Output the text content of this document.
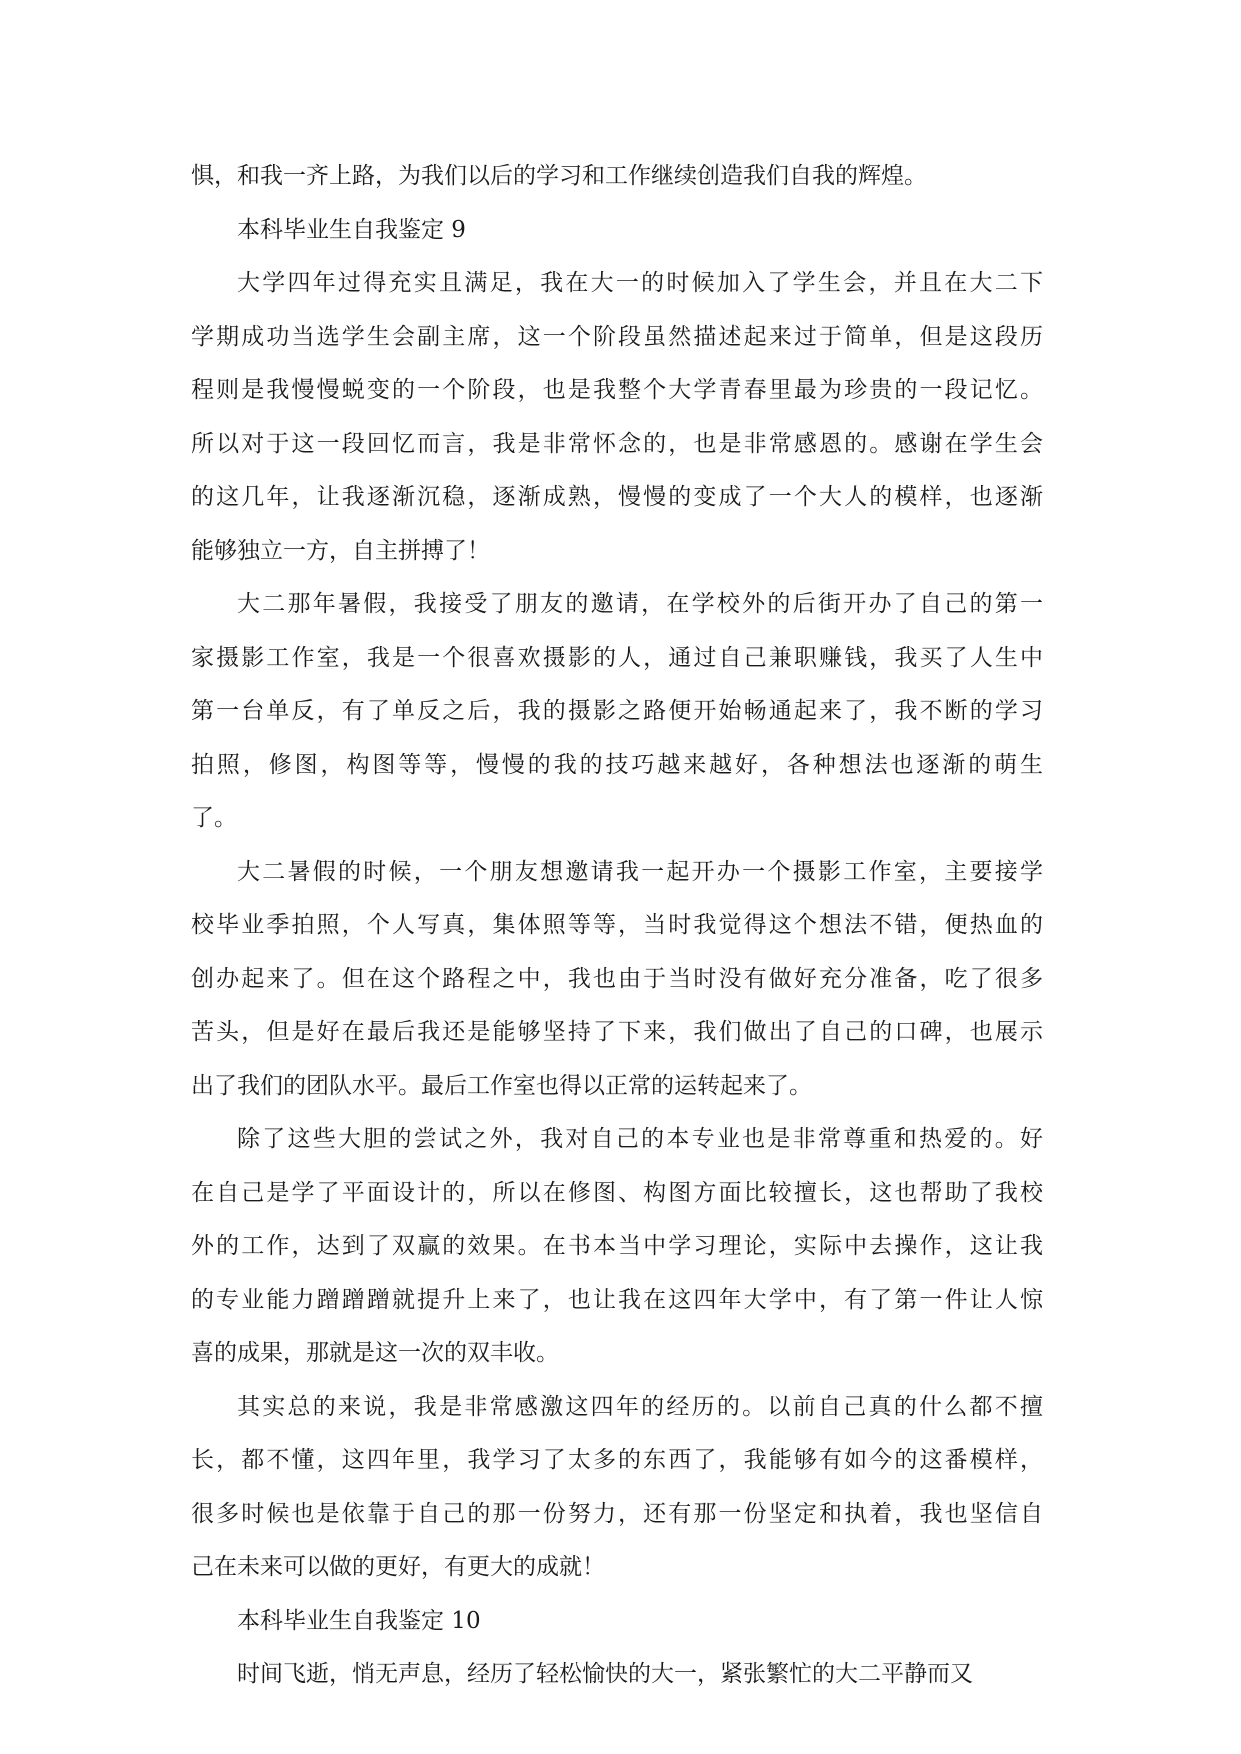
惧，和我一齐上路，为我们以后的学习和工作继续创造我们自我的辉煌。
本科毕业生自我鉴定 9
大学四年过得充实且满足，我在大一的时候加入了学生会，并且在大二下
学期成功当选学生会副主席，这一个阶段虽然描述起来过于简单，但是这段历
程则是我慢慢蜕变的一个阶段，也是我整个大学青春里最为珍贵的一段记忆。
所以对于这一段回忆而言，我是非常怀念的，也是非常感恩的。感谢在学生会
的这几年，让我逐渐沉稳，逐渐成熟，慢慢的变成了一个大人的模样，也逐渐
能够独立一方，自主拼搏了！
大二那年暑假，我接受了朋友的邀请，在学校外的后街开办了自己的第一
家摄影工作室，我是一个很喜欢摄影的人，通过自己兼职赚钱，我买了人生中
第一台单反，有了单反之后，我的摄影之路便开始畅通起来了，我不断的学习
拍照，修图，构图等等，慢慢的我的技巧越来越好，各种想法也逐渐的萌生
了。
大二暑假的时候，一个朋友想邀请我一起开办一个摄影工作室，主要接学
校毕业季拍照，个人写真，集体照等等，当时我觉得这个想法不错，便热血的
创办起来了。但在这个路程之中，我也由于当时没有做好充分准备，吃了很多
苦头，但是好在最后我还是能够坚持了下来，我们做出了自己的口碑，也展示
出了我们的团队水平。最后工作室也得以正常的运转起来了。
除了这些大胆的尝试之外，我对自己的本专业也是非常尊重和热爱的。好
在自己是学了平面设计的，所以在修图、构图方面比较擅长，这也帮助了我校
外的工作，达到了双赢的效果。在书本当中学习理论，实际中去操作，这让我
的专业能力蹭蹭蹭就提升上来了，也让我在这四年大学中，有了第一件让人惊
喜的成果，那就是这一次的双丰收。
其实总的来说，我是非常感激这四年的经历的。以前自己真的什么都不擅
长，都不懂，这四年里，我学习了太多的东西了，我能够有如今的这番模样，
很多时候也是依靠于自己的那一份努力，还有那一份坚定和执着，我也坚信自
己在未来可以做的更好，有更大的成就！
本科毕业生自我鉴定 10
时间飞逝，悄无声息，经历了轻松愉快的大一，紧张繁忙的大二平静而又
